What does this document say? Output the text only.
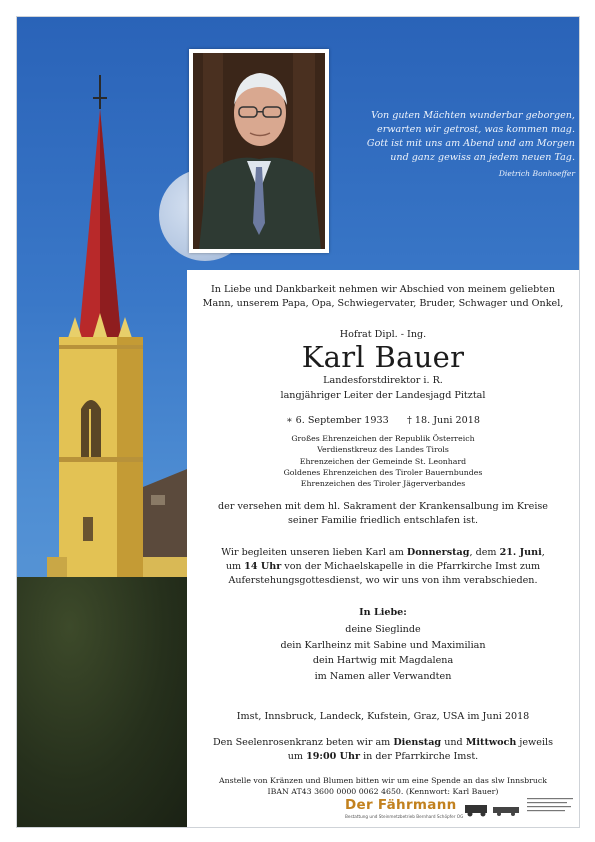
Von guten Mächten wunderbar geborgen,
erwarten wir getrost, was kommen mag.
Gott ist mit uns am Abend und am Morgen
und ganz gewiss an jedem neuen Tag.
Dietrich Bonhoeffer
In Liebe und Dankbarkeit nehmen wir Abschied von meinem geliebten
Mann, unserem Papa, Opa, Schwiegervater, Bruder, Schwager und Onkel,
Hofrat Dipl. - Ing.
Karl Bauer
Landesforstdirektor i. R.
langjähriger Leiter der Landesjagd Pitztal
∗ 6. September 1933 † 18. Juni 2018
Großes Ehrenzeichen der Republik Österreich
Verdienstkreuz des Landes Tirols
Ehrenzeichen der Gemeinde St. Leonhard
Goldenes Ehrenzeichen des Tiroler Bauernbundes
Ehrenzeichen des Tiroler Jägerverbandes
der versehen mit dem hl. Sakrament der Krankensalbung im Kreise
seiner Familie friedlich entschlafen ist.
Wir begleiten unseren lieben Karl am Donnerstag, dem 21. Juni,
um 14 Uhr von der Michaelskapelle in die Pfarrkirche Imst zum
Auferstehungsgottesdienst, wo wir uns von ihm verabschieden.
In Liebe:
deine Sieglinde
dein Karlheinz mit Sabine und Maximilian
dein Hartwig mit Magdalena
im Namen aller Verwandten
Imst, Innsbruck, Landeck, Kufstein, Graz, USA im Juni 2018
Den Seelenrosenkranz beten wir am Dienstag und Mittwoch jeweils
um 19:00 Uhr in der Pfarrkirche Imst.
Anstelle von Kränzen und Blumen bitten wir um eine Spende an das slw Innsbruck
IBAN AT43 3600 0000 0062 4650. (Kennwort: Karl Bauer)
Der Fährmann
Bestattung und Steinmetzbetrieb Bernhard Schöpfer OG
